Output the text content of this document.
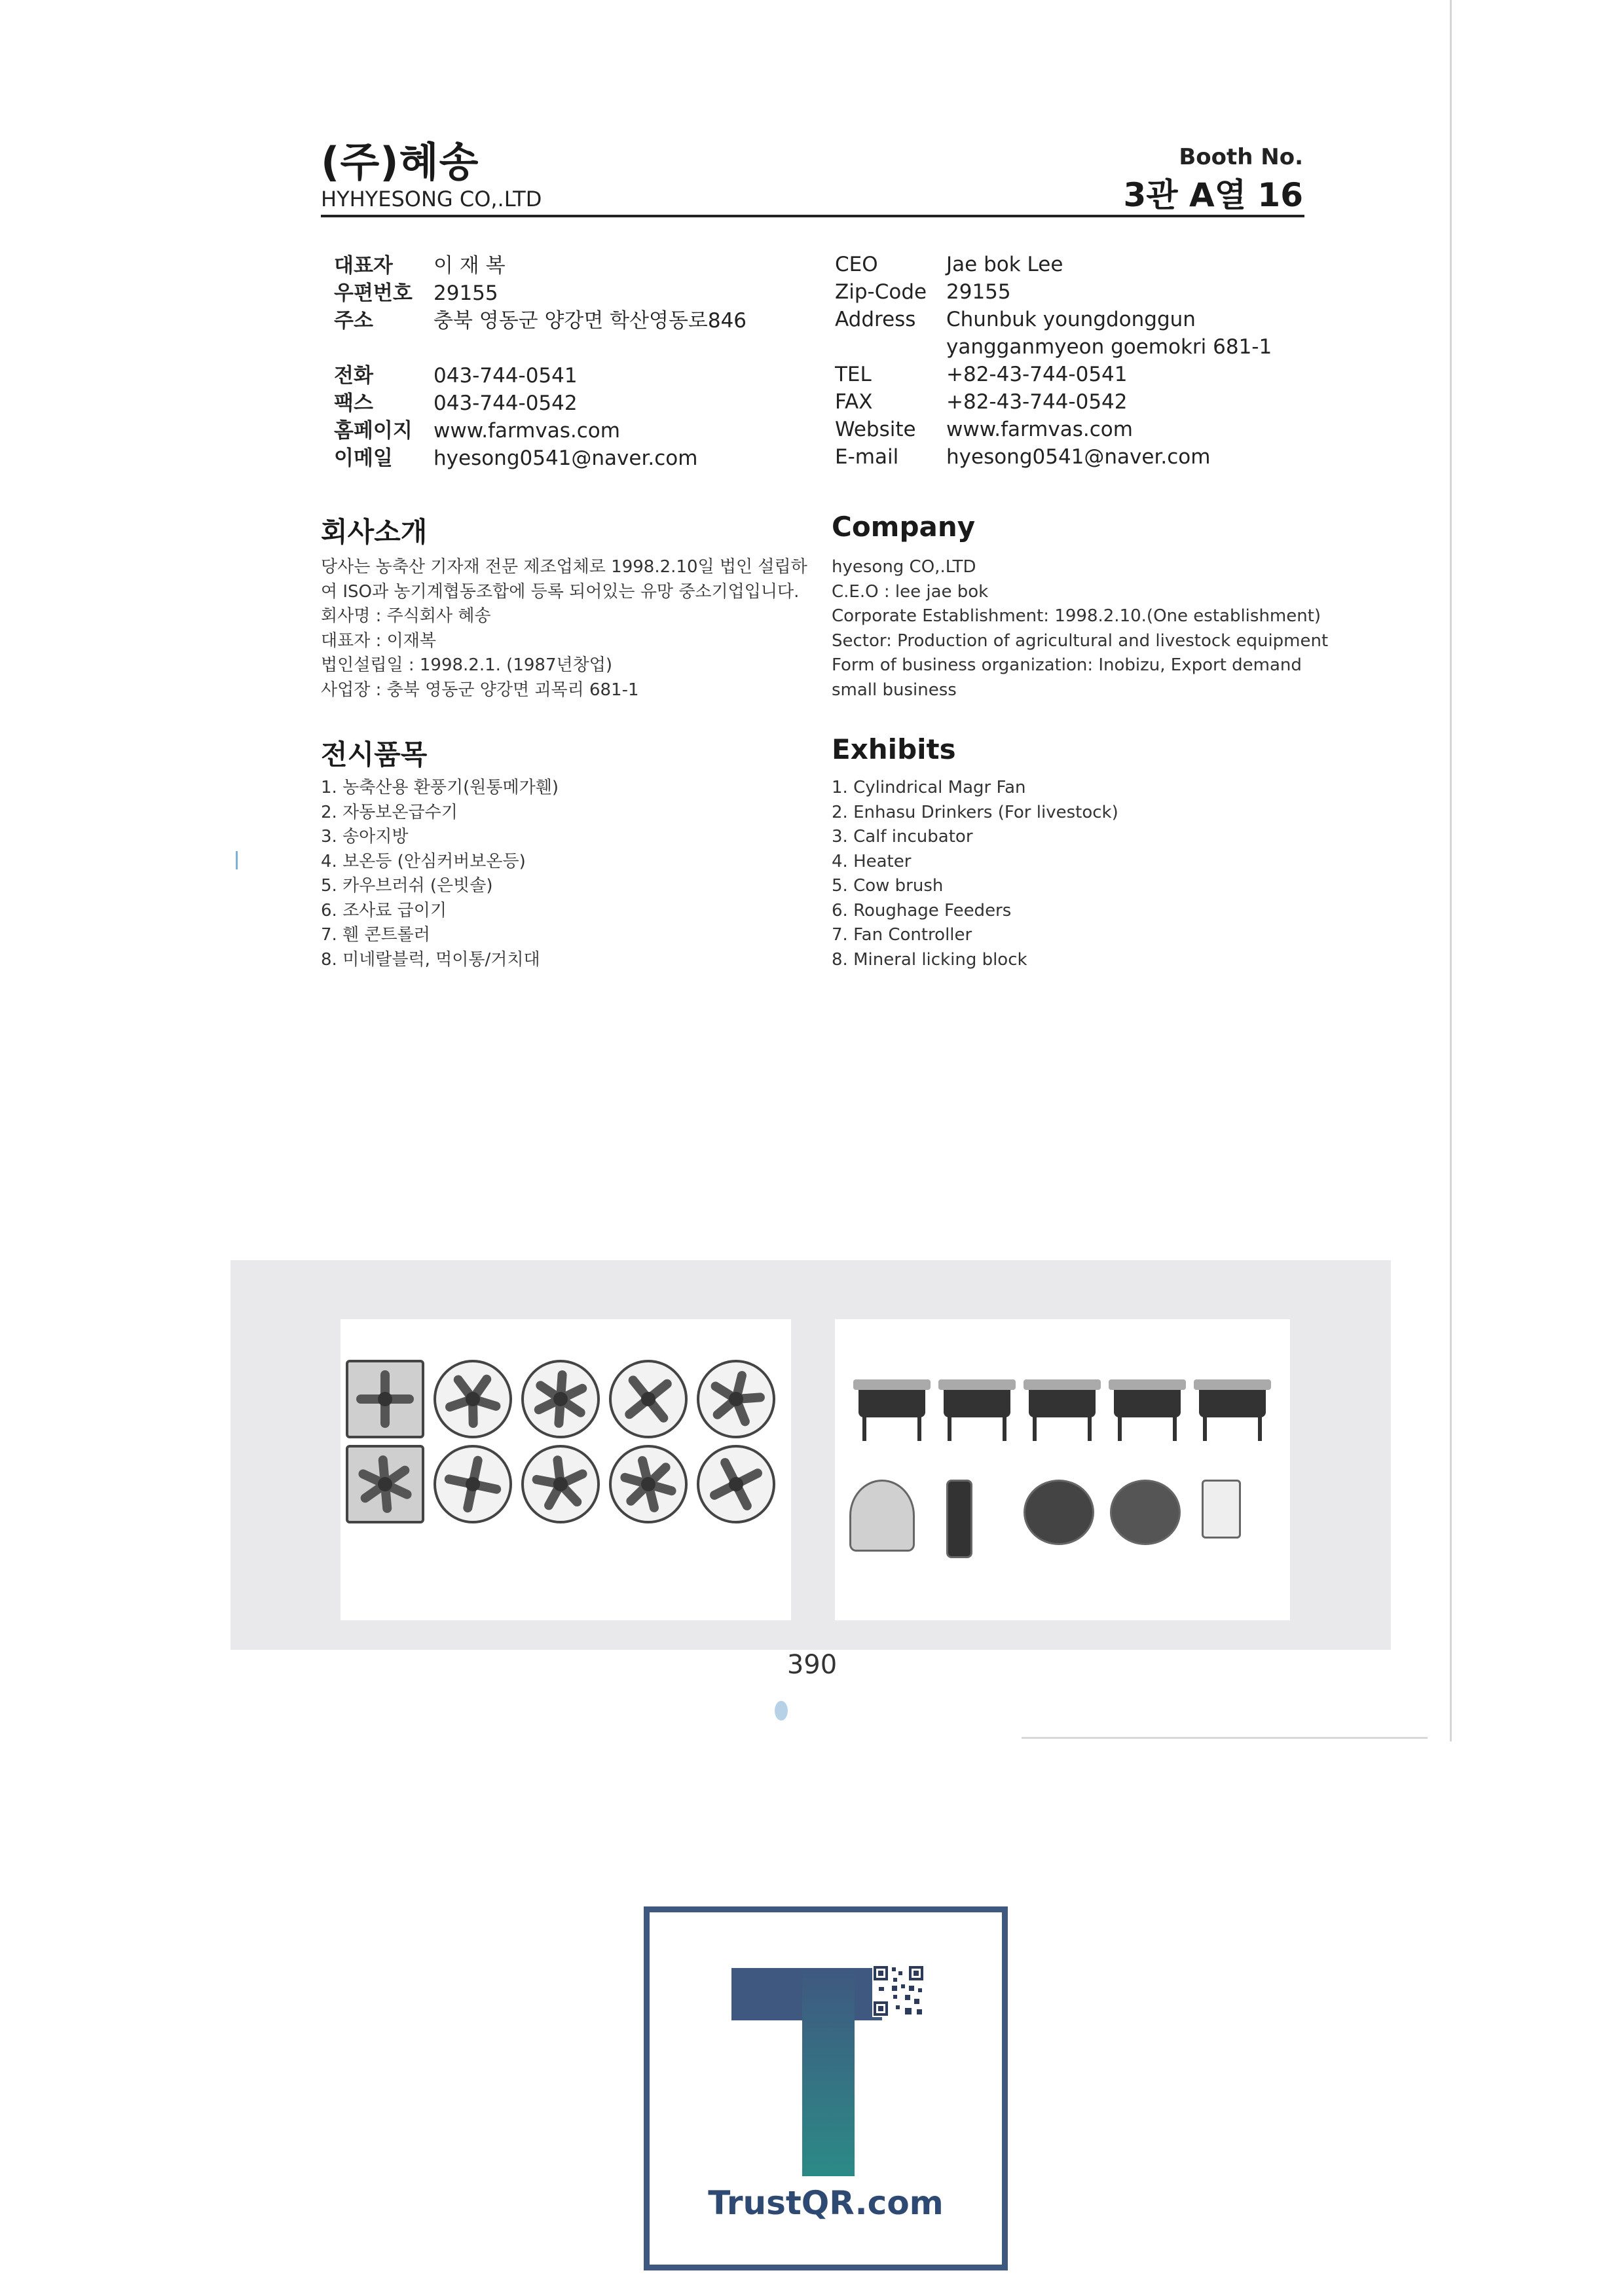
(주)혜송
HYHYESONG CO,.LTD
Booth No.
3관 A열 16
대표자	이 재 복
우편번호	29155
주소	충북 영동군 양강면 학산영동로846
전화	043-744-0541
팩스	043-744-0542
홈페이지	www.farmvas.com
이메일	hyesong0541@naver.com
CEO	Jae bok Lee
Zip-Code 29155
Address	Chunbuk youngdonggun
yangganmyeon goemokri 681-1
TEL	+82-43-744-0541
FAX	+82-43-744-0542
Website	www.farmvas.com
E-mail	hyesong0541@naver.com
회사소개
당사는 농축산 기자재 전문 제조업체로 1998.2.10일 법인 설립하
여 ISO과 농기계협동조합에 등록 되어있는 유망 중소기업입니다.
회사명 : 주식회사 혜송
대표자 : 이재복
법인설립일 : 1998.2.1. (1987년창업)
사업장 : 충북 영동군 양강면 괴목리 681-1
Company
hyesong CO,.LTD
C.E.O : lee jae bok
Corporate Establishment: 1998.2.10.(One establishment)
Sector: Production of agricultural and livestock equipment
Form of business organization: Inobizu, Export demand
small business
전시품목
1. 농축산용 환풍기(원통메가휀)
2. 자동보온급수기
3. 송아지방
4. 보온등 (안심커버보온등)
5. 카우브러쉬 (은빗솔)
6. 조사료 급이기
7. 휀 콘트롤러
8. 미네랄블럭, 먹이통/거치대
Exhibits
1. Cylindrical Magr Fan
2. Enhasu Drinkers (For livestock)
3. Calf incubator
4. Heater
5. Cow brush
6. Roughage Feeders
7. Fan Controller
8. Mineral licking block
390
TrustQR.com
